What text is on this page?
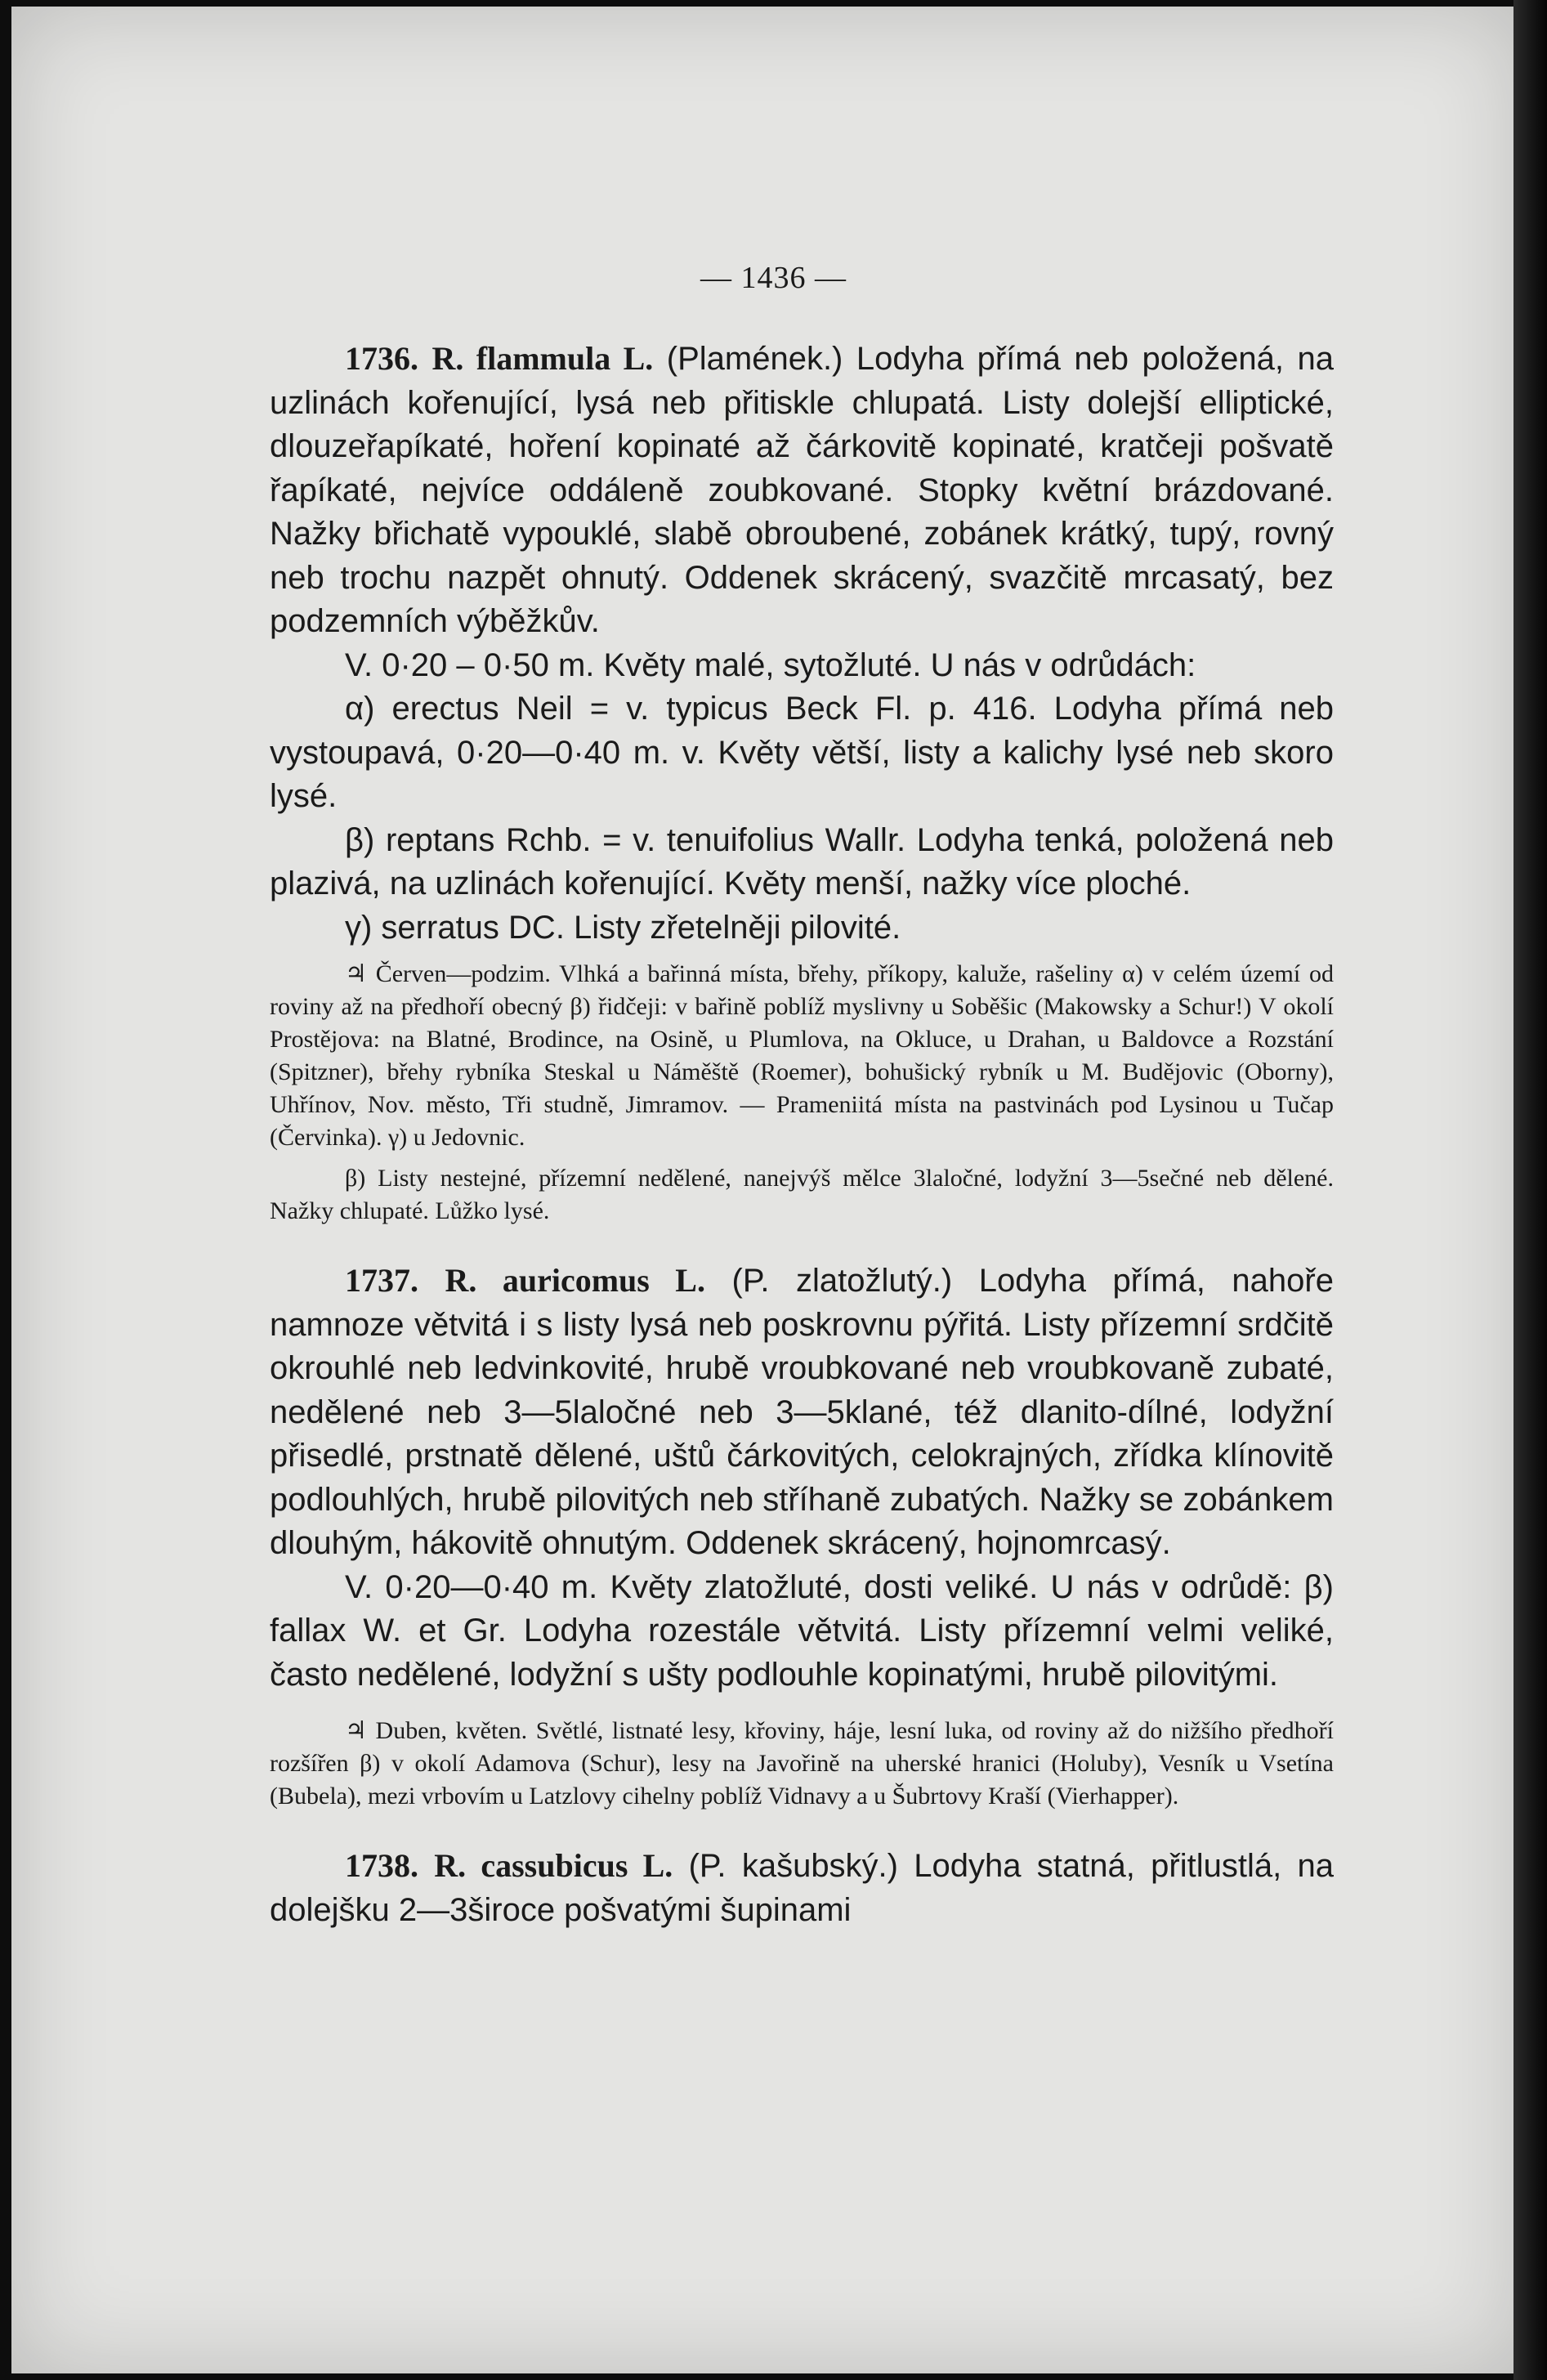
— 1436 —

1736. R. flammula L. (Plamének.) Lodyha přímá neb položená, na uzlinách kořenující, lysá neb přitiskle chlupatá. Listy dolejší elliptické, dlouzeřapíkaté, hoření kopinaté až čárkovitě kopinaté, kratčeji pošvatě řapíkaté, nejvíce oddáleně zoubkované. Stopky květní brázdované. Nažky břichatě vypouklé, slabě obroubené, zobánek krátký, tupý, rovný neb trochu nazpět ohnutý. Oddenek skrácený, svazčitě mrcasatý, bez podzemních výběžkův.

V. 0·20 – 0·50 m. Květy malé, sytožluté. U nás v odrůdách:

α) erectus Neil = v. typicus Beck Fl. p. 416. Lodyha přímá neb vystoupavá, 0·20—0·40 m. v. Květy větší, listy a kalichy lysé neb skoro lysé.

β) reptans Rchb. = v. tenuifolius Wallr. Lodyha tenká, položená neb plazivá, na uzlinách kořenující. Květy menší, nažky více ploché.

γ) serratus DC. Listy zřetelněji pilovité.

♃ Červen—podzim. Vlhká a bařinná místa, břehy, příkopy, kaluže, rašeliny α) v celém území od roviny až na předhoří obecný β) řidčeji: v bařině poblíž myslivny u Soběšic (Makowsky a Schur!) V okolí Prostějova: na Blatné, Brodince, na Osině, u Plumlova, na Okluce, u Drahan, u Baldovce a Rozstání (Spitzner), břehy rybníka Steskal u Náměště (Roemer), bohušický rybník u M. Budějovic (Oborny), Uhřínov, Nov. město, Tři studně, Jimramov. — Prameniitá místa na pastvinách pod Lysinou u Tučap (Červinka). γ) u Jedovnic.

β) Listy nestejné, přízemní nedělené, nanejvýš mělce 3laločné, lodyžní 3—5sečné neb dělené. Nažky chlupaté. Lůžko lysé.

1737. R. auricomus L. (P. zlatožlutý.) Lodyha přímá, nahoře namnoze větvitá i s listy lysá neb poskrovnu pýřitá. Listy přízemní srdčitě okrouhlé neb ledvinkovité, hrubě vroubkované neb vroubkovaně zubaté, nedělené neb 3—5laločné neb 3—5klané, též dlanito-dílné, lodyžní přisedlé, prstnatě dělené, uštů čárkovitých, celokrajných, zřídka klínovitě podlouhlých, hrubě pilovitých neb stříhaně zubatých. Nažky se zobánkem dlouhým, hákovitě ohnutým. Oddenek skrácený, hojnomrcasý.

V. 0·20—0·40 m. Květy zlatožluté, dosti veliké. U nás v odrůdě: β) fallax W. et Gr. Lodyha rozestále větvitá. Listy přízemní velmi veliké, často nedělené, lodyžní s ušty podlouhle kopinatými, hrubě pilovitými.

♃ Duben, květen. Světlé, listnaté lesy, křoviny, háje, lesní luka, od roviny až do nižšího předhoří rozšířen β) v okolí Adamova (Schur), lesy na Javořině na uherské hranici (Holuby), Vesník u Vsetína (Bubela), mezi vrbovím u Latzlovy cihelny poblíž Vidnavy a u Šubrtovy Kraší (Vierhapper).

1738. R. cassubicus L. (P. kašubský.) Lodyha statná, přitlustlá, na dolejšku 2—3široce pošvatými šupinami
